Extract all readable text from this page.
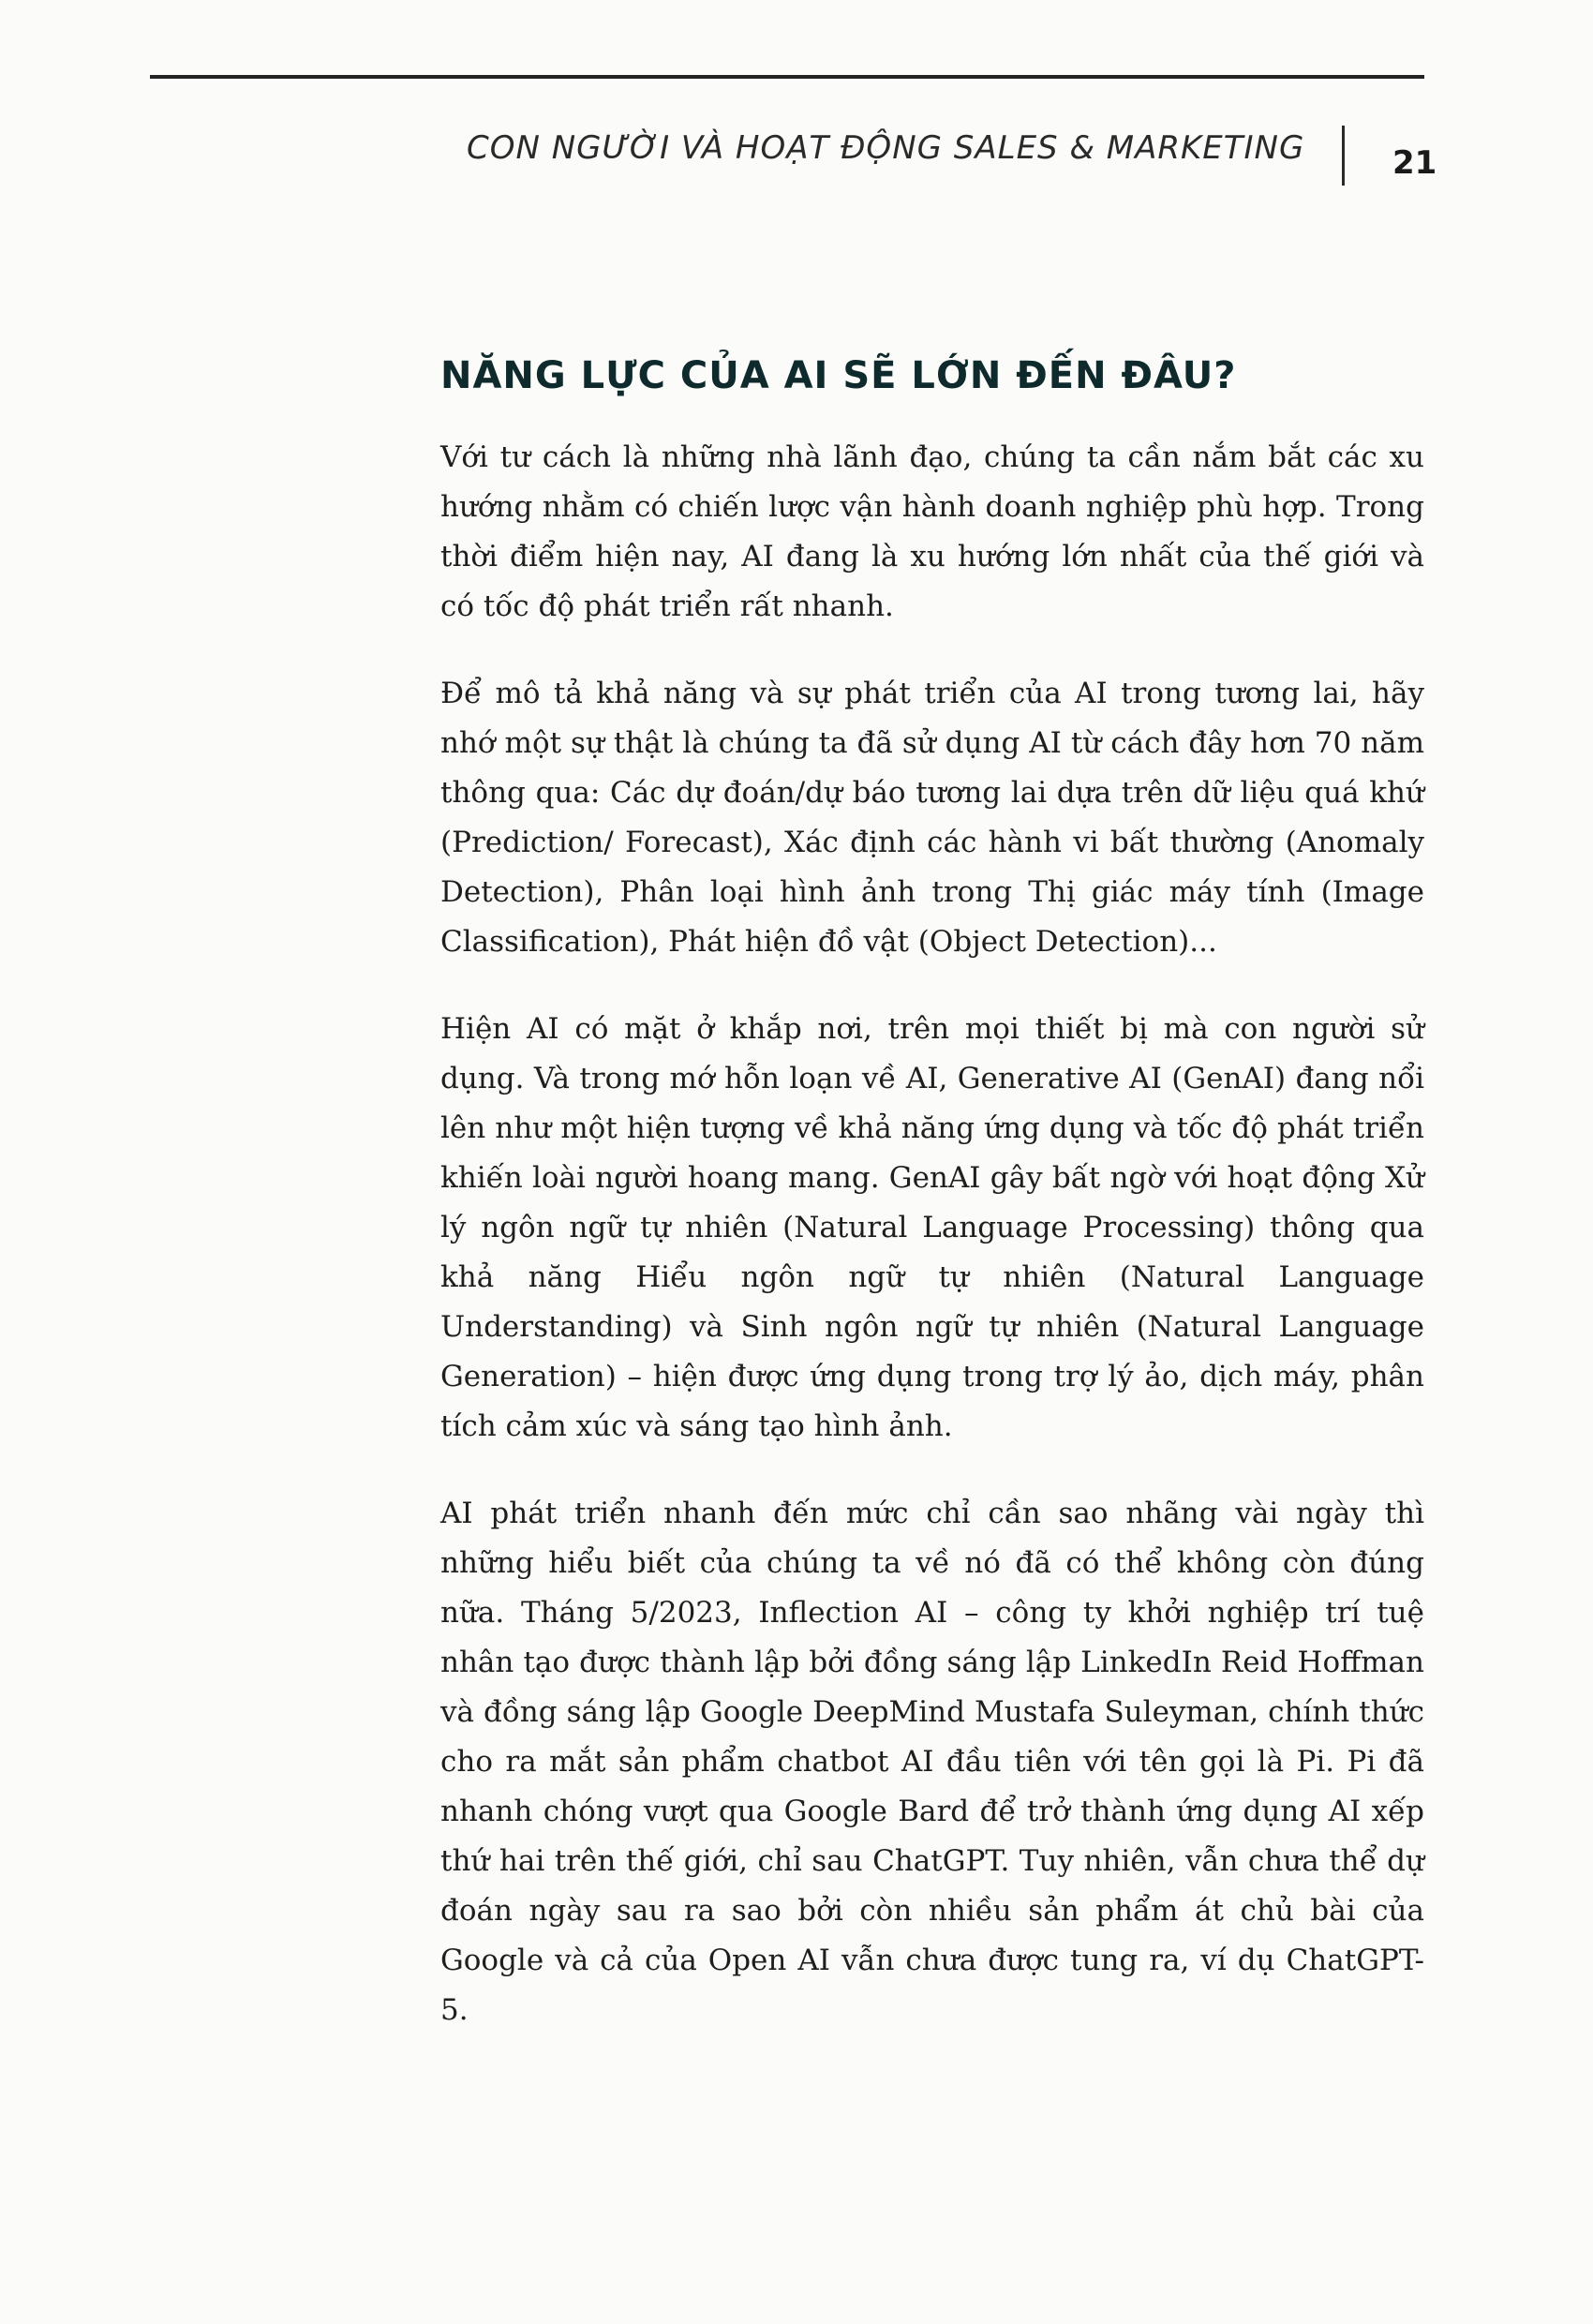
CON NGƯỜI VÀ HOẠT ĐỘNG SALES & MARKETING	21
NĂNG LỰC CỦA AI SẼ LỚN ĐẾN ĐÂU?

Với tư cách là những nhà lãnh đạo, chúng ta cần nắm bắt các xu hướng nhằm có chiến lược vận hành doanh nghiệp phù hợp. Trong thời điểm hiện nay, AI đang là xu hướng lớn nhất của thế giới và có tốc độ phát triển rất nhanh.

Để mô tả khả năng và sự phát triển của AI trong tương lai, hãy nhớ một sự thật là chúng ta đã sử dụng AI từ cách đây hơn 70 năm thông qua: Các dự đoán/dự báo tương lai dựa trên dữ liệu quá khứ (Prediction/ Forecast), Xác định các hành vi bất thường (Anomaly Detection), Phân loại hình ảnh trong Thị giác máy tính (Image Classification), Phát hiện đồ vật (Object Detection)...

Hiện AI có mặt ở khắp nơi, trên mọi thiết bị mà con người sử dụng. Và trong mớ hỗn loạn về AI, Generative AI (GenAI) đang nổi lên như một hiện tượng về khả năng ứng dụng và tốc độ phát triển khiến loài người hoang mang. GenAI gây bất ngờ với hoạt động Xử lý ngôn ngữ tự nhiên (Natural Language Processing) thông qua khả năng Hiểu ngôn ngữ tự nhiên (Natural Language Understanding) và Sinh ngôn ngữ tự nhiên (Natural Language Generation) – hiện được ứng dụng trong trợ lý ảo, dịch máy, phân tích cảm xúc và sáng tạo hình ảnh.

AI phát triển nhanh đến mức chỉ cần sao nhãng vài ngày thì những hiểu biết của chúng ta về nó đã có thể không còn đúng nữa. Tháng 5/2023, Inflection AI – công ty khởi nghiệp trí tuệ nhân tạo được thành lập bởi đồng sáng lập LinkedIn Reid Hoffman và đồng sáng lập Google DeepMind Mustafa Suleyman, chính thức cho ra mắt sản phẩm chatbot AI đầu tiên với tên gọi là Pi. Pi đã nhanh chóng vượt qua Google Bard để trở thành ứng dụng AI xếp thứ hai trên thế giới, chỉ sau ChatGPT. Tuy nhiên, vẫn chưa thể dự đoán ngày sau ra sao bởi còn nhiều sản phẩm át chủ bài của Google và cả của Open AI vẫn chưa được tung ra, ví dụ ChatGPT-5.
